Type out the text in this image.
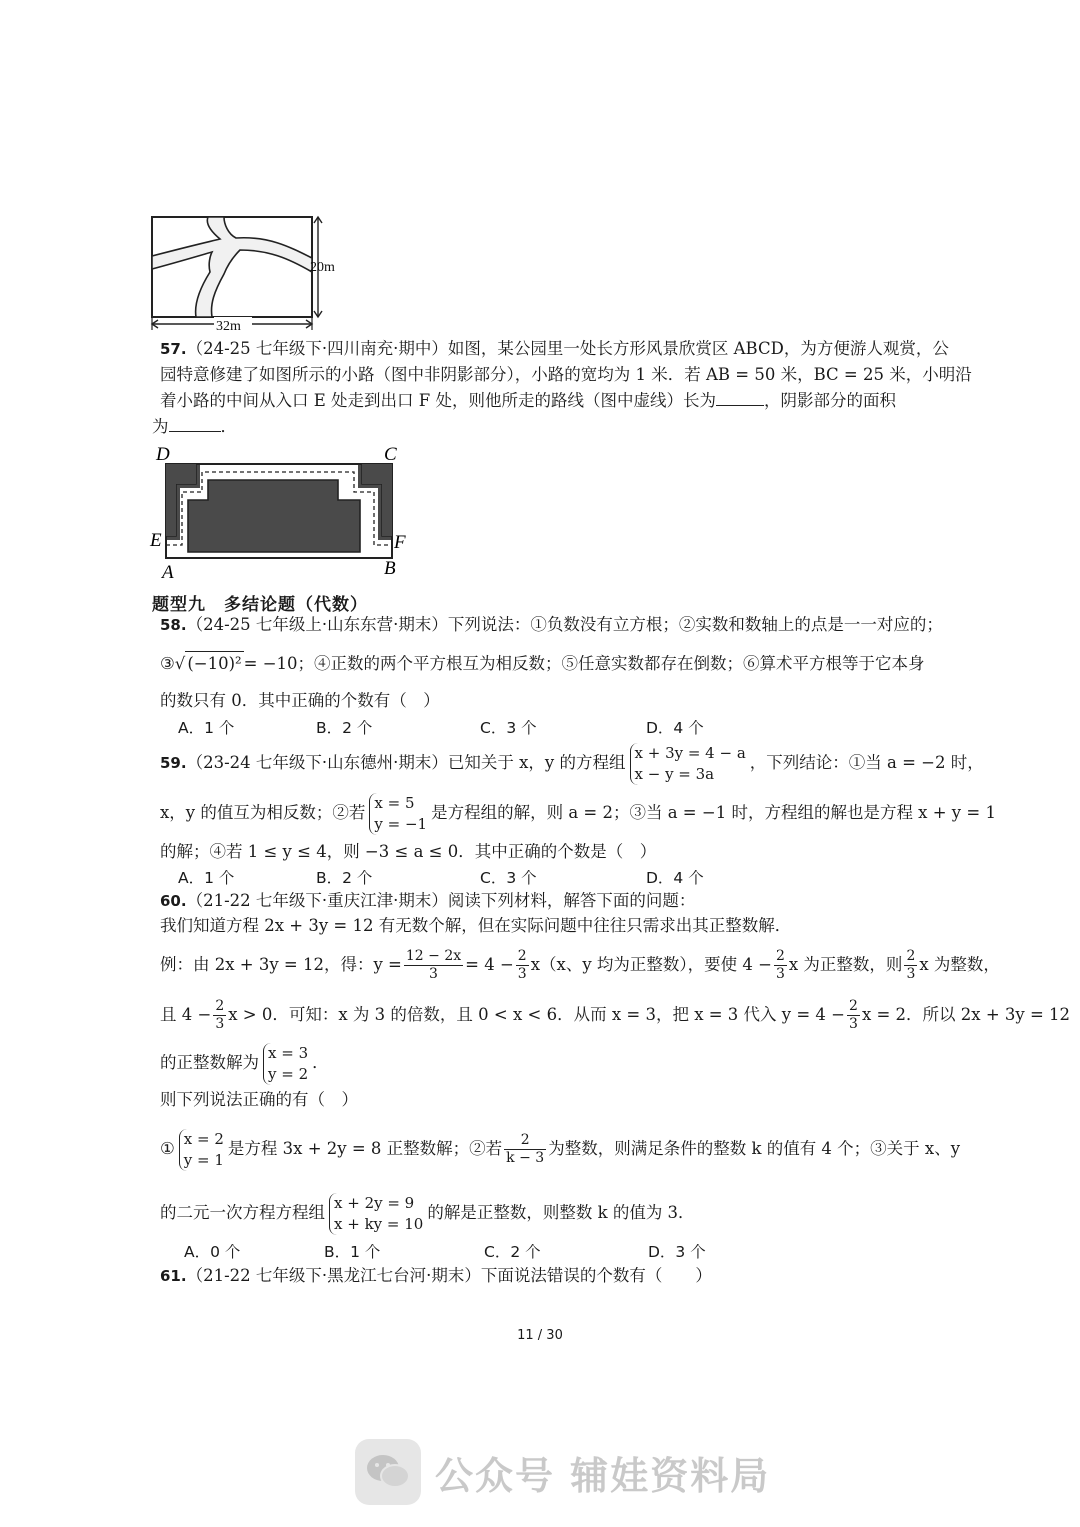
20m
32m
57.（24-25 七年级下·四川南充·期中）如图，某公园里一处长方形风景欣赏区 ABCD，为方便游人观赏，公
园特意修建了如图所示的小路（图中非阴影部分），小路的宽均为 1 米．若 AB = 50 米，BC = 25 米，小明沿
着小路的中间从入口 E 处走到出口 F 处，则他所走的路线（图中虚线）长为	，阴影部分的面积
为	．
D	C
E	F
A	B
题型九　多结论题（代数）
58.（24-25 七年级上·山东东营·期末）下列说法：①负数没有立方根；②实数和数轴上的点是一一对应的；
③√ (−10)² = −10；④正数的两个平方根互为相反数；⑤任意实数都存在倒数；⑥算术平方根等于它本身
的数只有 0．其中正确的个数有（　）
A．1 个	B．2 个	C．3 个	D．4 个
59.（23-24 七年级下·山东德州·期末）已知关于 x，y 的方程组
x + 3y = 4 − a
x − y = 3a
，下列结论：①当 a = −2 时，
x，y 的值互为相反数；②若
x = 5
y = −1
是方程组的解，则 a = 2；③当 a = −1 时，方程组的解也是方程 x + y = 1
的解；④若 1 ≤ y ≤ 4，则 −3 ≤ a ≤ 0．其中正确的个数是（　）
A．1 个	B．2 个	C．3 个	D．4 个
60.（21-22 七年级下·重庆江津·期末）阅读下列材料，解答下面的问题：
我们知道方程 2x + 3y = 12 有无数个解，但在实际问题中往往只需求出其正整数解．
例：由 2x + 3y = 12，得：$y = \frac{12 - 2x}{3} = 4 - \frac{2}{3} x(x$、y 均为正整数），要使 $4 - \frac{2}{3}$ x 为正整数，则 $\frac{2}{3}$ x 为整数，
且 $4 - \frac{2}{3}$ x > 0．可知：x 为 3 的倍数，且 0 < x < 6．从而 x = 3，把 x = 3 代入 $y = 4 - \frac{2}{3}$ x = 2．所以 2x + 3y = 12
的正整数解为
x = 3
y = 2
．
则下列说法正确的有（　）
①
x = 2
y = 1
是方程 3x + 2y = 8 正整数解；②若 $\frac{2}{k - 3}$ 为整数，则满足条件的整数 k 的值有 4 个；③关于 x、y
的二元一次方程方程组
x + 2y = 9
x + ky = 10
的解是正整数，则整数 k 的值为 3．
A．0 个	B．1 个	C．2 个	D．3 个
61.（21-22 七年级下·黑龙江七台河·期末）下面说法错误的个数有（　　）
11 / 30
公众号 辅娃资料局
